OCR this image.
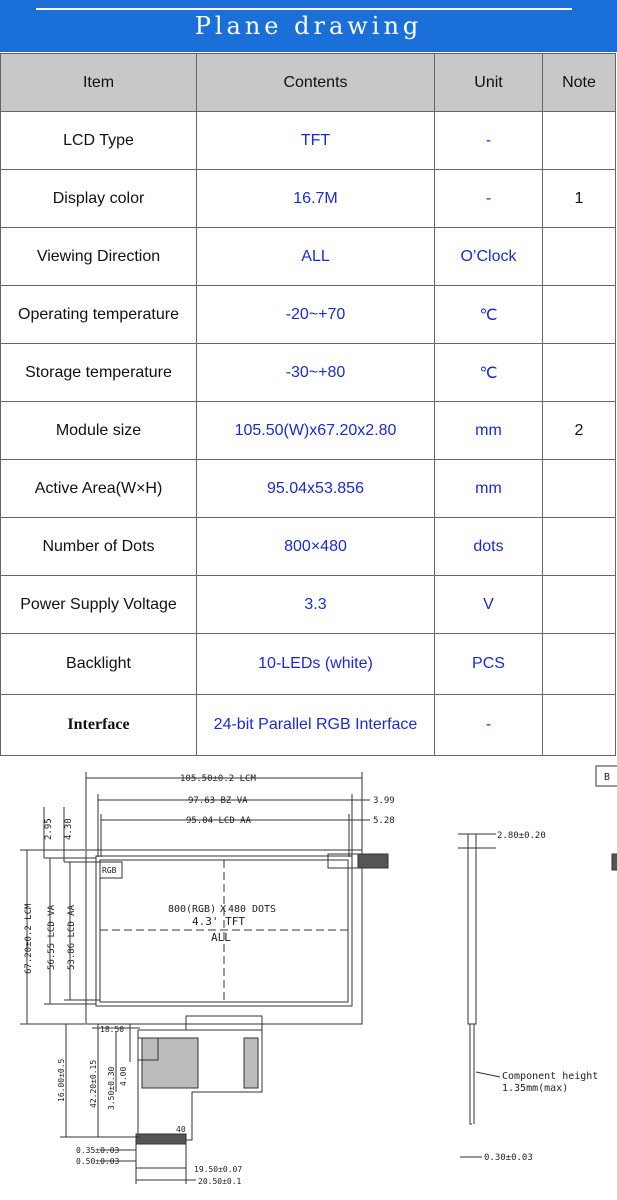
Plane drawing
Item	Contents	Unit	Note
LCD Type	TFT	-	
Display color	16.7M	-	1
Viewing Direction	ALL	O’Clock	
Operating temperature	-20~+70	℃	
Storage temperature	-30~+80	℃	
Module size	105.50(W)x67.20x2.80	mm	2
Active Area(W×H)	95.04x53.856	mm	
Number of Dots	800×480	dots	
Power Supply Voltage	3.3	V	
Backlight	10-LEDs (white)	PCS	
Interface	24-bit Parallel RGB Interface	-	
105.50±0.2 LCM
97.63 BZ VA
95.04 LCD AA
3.99
5.28
2.95 4.30
67.20±0.2 LCM 56.55 LCD VA 53.86 LCD AA
RGB
800 (RGB) X 480 DOTS
4.3' TFT
ALL
18.50
16.00±0.5	42.20±0.15 3.50±0.30 4.00
0.35±0.03
0.50±0.03
40
19.50±0.07
20.50±0.1
2.80±0.20
0.30±0.03
Component height
1.35mm(max)
B
